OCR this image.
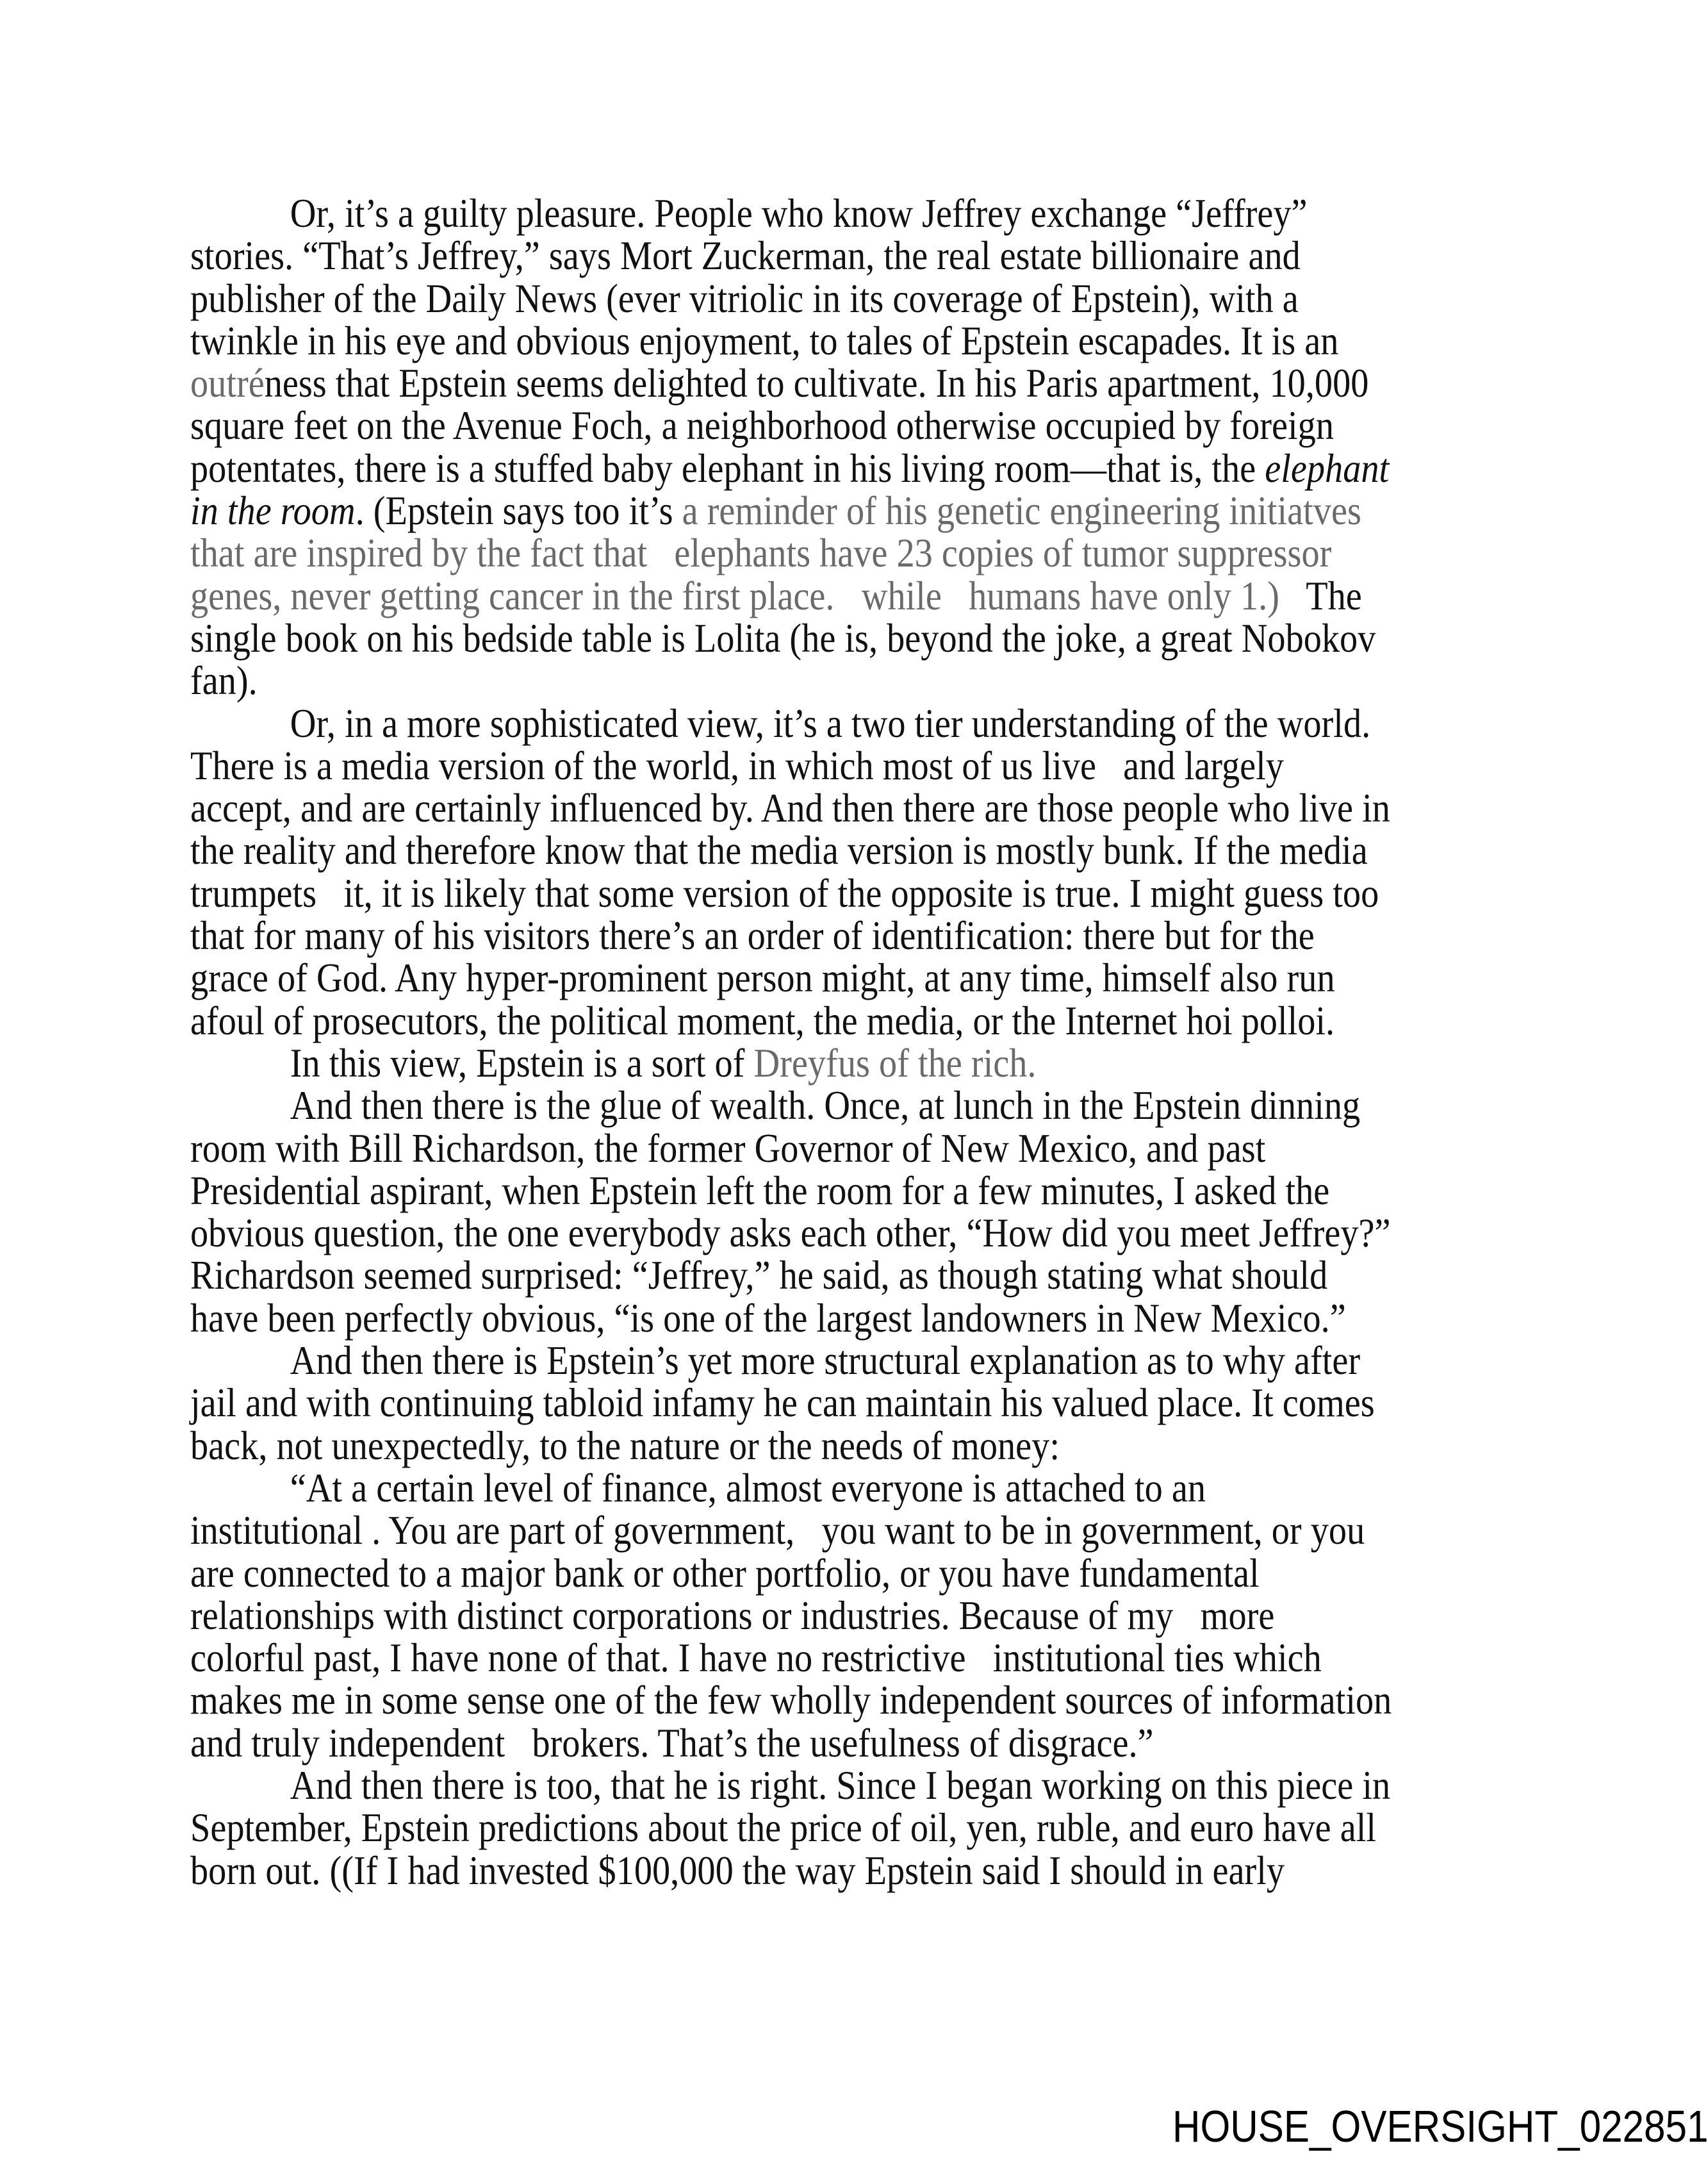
Or, it’s a guilty pleasure. People who know Jeffrey exchange “Jeffrey”
stories. “That’s Jeffrey,” says Mort Zuckerman, the real estate billionaire and
publisher of the Daily News (ever vitriolic in its coverage of Epstein), with a
twinkle in his eye and obvious enjoyment, to tales of Epstein escapades. It is an
outréness that Epstein seems delighted to cultivate. In his Paris apartment, 10,000
square feet on the Avenue Foch, a neighborhood otherwise occupied by foreign
potentates, there is a stuffed baby elephant in his living room—that is, the elephant
in the room. (Epstein says too it’s a reminder of his genetic engineering initiatves
that are inspired by the fact that   elephants have 23 copies of tumor suppressor
genes, never getting cancer in the first place.   while   humans have only 1.)   The
single book on his bedside table is Lolita (he is, beyond the joke, a great Nobokov
fan).
Or, in a more sophisticated view, it’s a two tier understanding of the world.
There is a media version of the world, in which most of us live   and largely
accept, and are certainly influenced by. And then there are those people who live in
the reality and therefore know that the media version is mostly bunk. If the media
trumpets   it, it is likely that some version of the opposite is true. I might guess too
that for many of his visitors there’s an order of identification: there but for the
grace of God. Any hyper-prominent person might, at any time, himself also run
afoul of prosecutors, the political moment, the media, or the Internet hoi polloi.
In this view, Epstein is a sort of Dreyfus of the rich.
And then there is the glue of wealth. Once, at lunch in the Epstein dinning
room with Bill Richardson, the former Governor of New Mexico, and past
Presidential aspirant, when Epstein left the room for a few minutes, I asked the
obvious question, the one everybody asks each other, “How did you meet Jeffrey?”
Richardson seemed surprised: “Jeffrey,” he said, as though stating what should
have been perfectly obvious, “is one of the largest landowners in New Mexico.”
And then there is Epstein’s yet more structural explanation as to why after
jail and with continuing tabloid infamy he can maintain his valued place. It comes
back, not unexpectedly, to the nature or the needs of money:
“At a certain level of finance, almost everyone is attached to an
institutional . You are part of government,   you want to be in government, or you
are connected to a major bank or other portfolio, or you have fundamental
relationships with distinct corporations or industries. Because of my   more
colorful past, I have none of that. I have no restrictive   institutional ties which
makes me in some sense one of the few wholly independent sources of information
and truly independent   brokers. That’s the usefulness of disgrace.”
And then there is too, that he is right. Since I began working on this piece in
September, Epstein predictions about the price of oil, yen, ruble, and euro have all
born out. ((If I had invested $100,000 the way Epstein said I should in early
HOUSE_OVERSIGHT_022851
